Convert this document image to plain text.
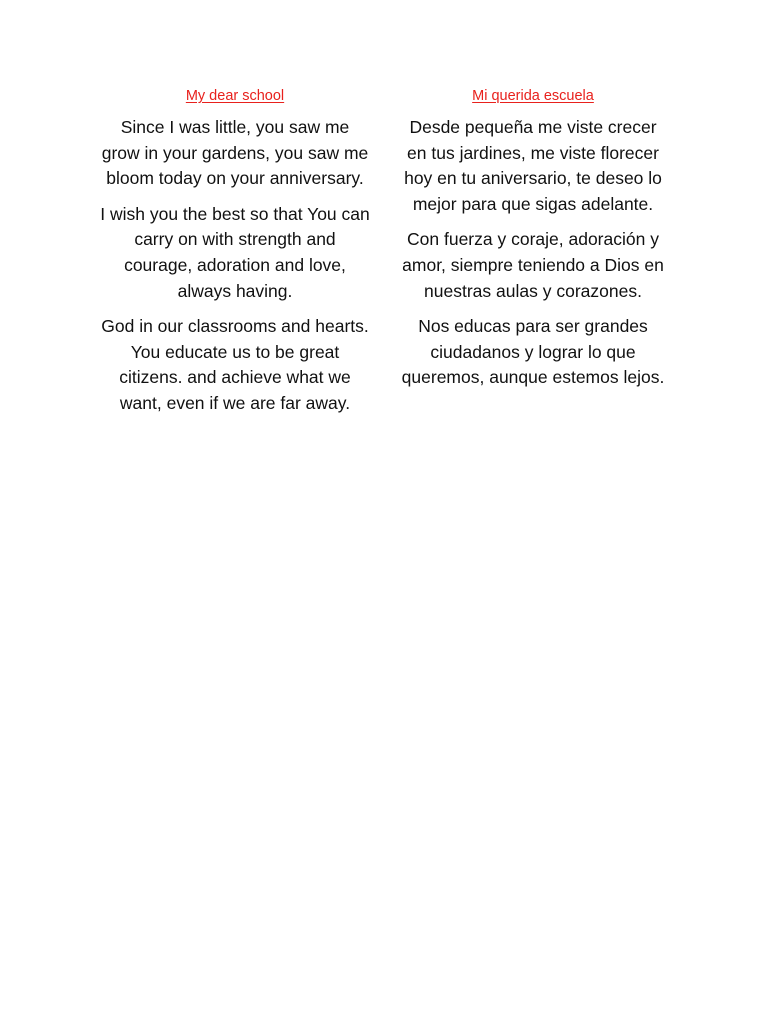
My dear school

Since I was little, you saw me grow in your gardens, you saw me bloom today on your anniversary.

I wish you the best so that You can carry on with strength and courage, adoration and love, always having.

God in our classrooms and hearts. You educate us to be great citizens. and achieve what we want, even if we are far away.

Mi querida escuela

Desde pequeña me viste crecer en tus jardines, me viste florecer hoy en tu aniversario, te deseo lo mejor para que sigas adelante.

Con fuerza y coraje, adoración y amor, siempre teniendo a Dios en nuestras aulas y corazones.

Nos educas para ser grandes ciudadanos y lograr lo que queremos, aunque estemos lejos.
